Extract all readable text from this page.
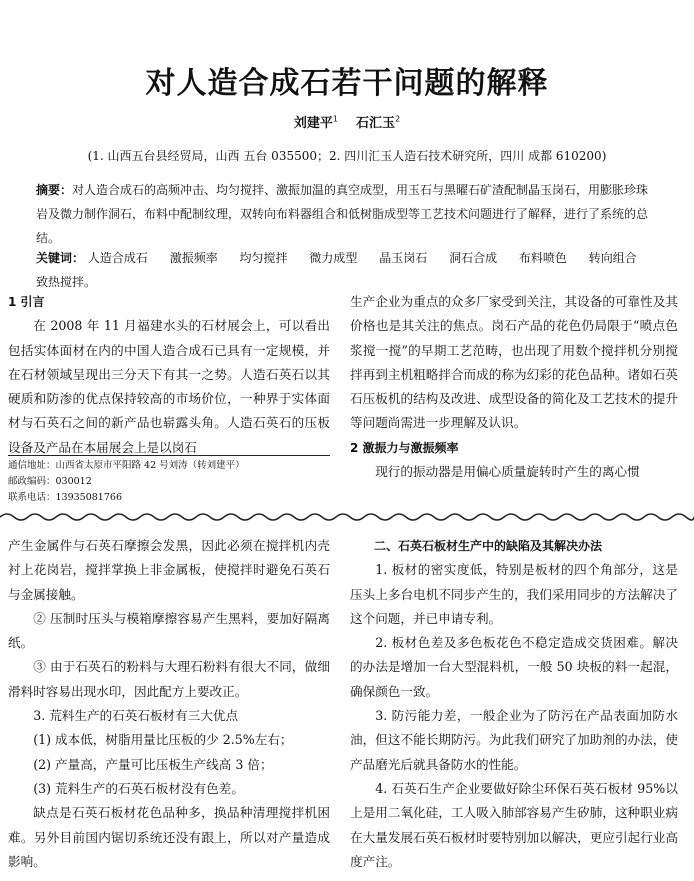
对人造合成石若干问题的解释
刘建平$^1$ 石汇玉$^2$
(1. 山西五台县经贸局，山西 五台 035500；2. 四川汇玉人造石技术研究所，四川 成都 610200)
摘要：对人造合成石的高频冲击、均匀搅拌、激振加温的真空成型，用玉石与黑曜石矿渣配制晶玉岗石，用膨胀珍珠岩及微力制作洞石，布料中配制纹理，双转向布料器组合和低树脂成型等工艺技术问题进行了解释，进行了系统的总结。
关键词： 人造合成石 激振频率 均匀搅拌 微力成型 晶玉岗石 洞石合成 布料喷色 转向组合 致热搅拌。

1 引言

在 2008 年 11 月福建水头的石材展会上，可以看出包括实体面材在内的中国人造合成石已具有一定规模，并在石材领域呈现出三分天下有其一之势。人造石英石以其硬质和防渗的优点保持较高的市场价位，一种界于实体面材与石英石之间的新产品也崭露头角。人造石英石的压板设备及产品在本届展会上是以岗石

通信地址：山西省太原市平阳路 42 号刘涛（转刘建平）
邮政编码：030012
联系电话：13935081766

生产企业为重点的众多厂家受到关注，其设备的可靠性及其价格也是其关注的焦点。岗石产品的花色仍局限于“喷点色浆搅一搅”的早期工艺范畴，也出现了用数个搅拌机分别搅拌再到主机粗略拌合而成的称为幻彩的花色品种。诸如石英石压板机的结构及改进、成型设备的简化及工艺技术的提升等问题尚需进一步理解及认识。

2 激振力与激振频率

现行的振动器是用偏心质量旋转时产生的离心惯

产生金属件与石英石摩擦会发黑，因此必须在搅拌机内壳衬上花岗岩，搅拌掌换上非金属板，使搅拌时避免石英石与金属接触。

② 压制时压头与模箱摩擦容易产生黑料，要加好隔离纸。

③ 由于石英石的粉料与大理石粉料有很大不同，做细滑料时容易出现水印，因此配方上要改正。

3. 荒料生产的石英石板材有三大优点

(1) 成本低，树脂用量比压板的少 2.5%左右；

(2) 产量高，产量可比压板生产线高 3 倍；

(3) 荒料生产的石英石板材没有色差。

缺点是石英石板材花色品种多，换品种清理搅拌机困难。另外目前国内锯切系统还没有跟上，所以对产量造成影响。

二、石英石板材生产中的缺陷及其解决办法

1. 板材的密实度低，特别是板材的四个角部分，这是压头上多台电机不同步产生的，我们采用同步的方法解决了这个问题，并已申请专利。

2. 板材色差及多色板花色不稳定造成交货困难。解决的办法是增加一台大型混料机，一般 50 块板的料一起混，确保颜色一致。

3. 防污能力差，一般企业为了防污在产品表面加防水油，但这不能长期防污。为此我们研究了加助剂的办法，使产品磨光后就具备防水的性能。

4. 石英石生产企业要做好除尘环保石英石板材 95%以上是用二氧化硅，工人吸入肺部容易产生矽肺，这种职业病在大量发展石英石板材时要特别加以解决，更应引起行业高度产注。
